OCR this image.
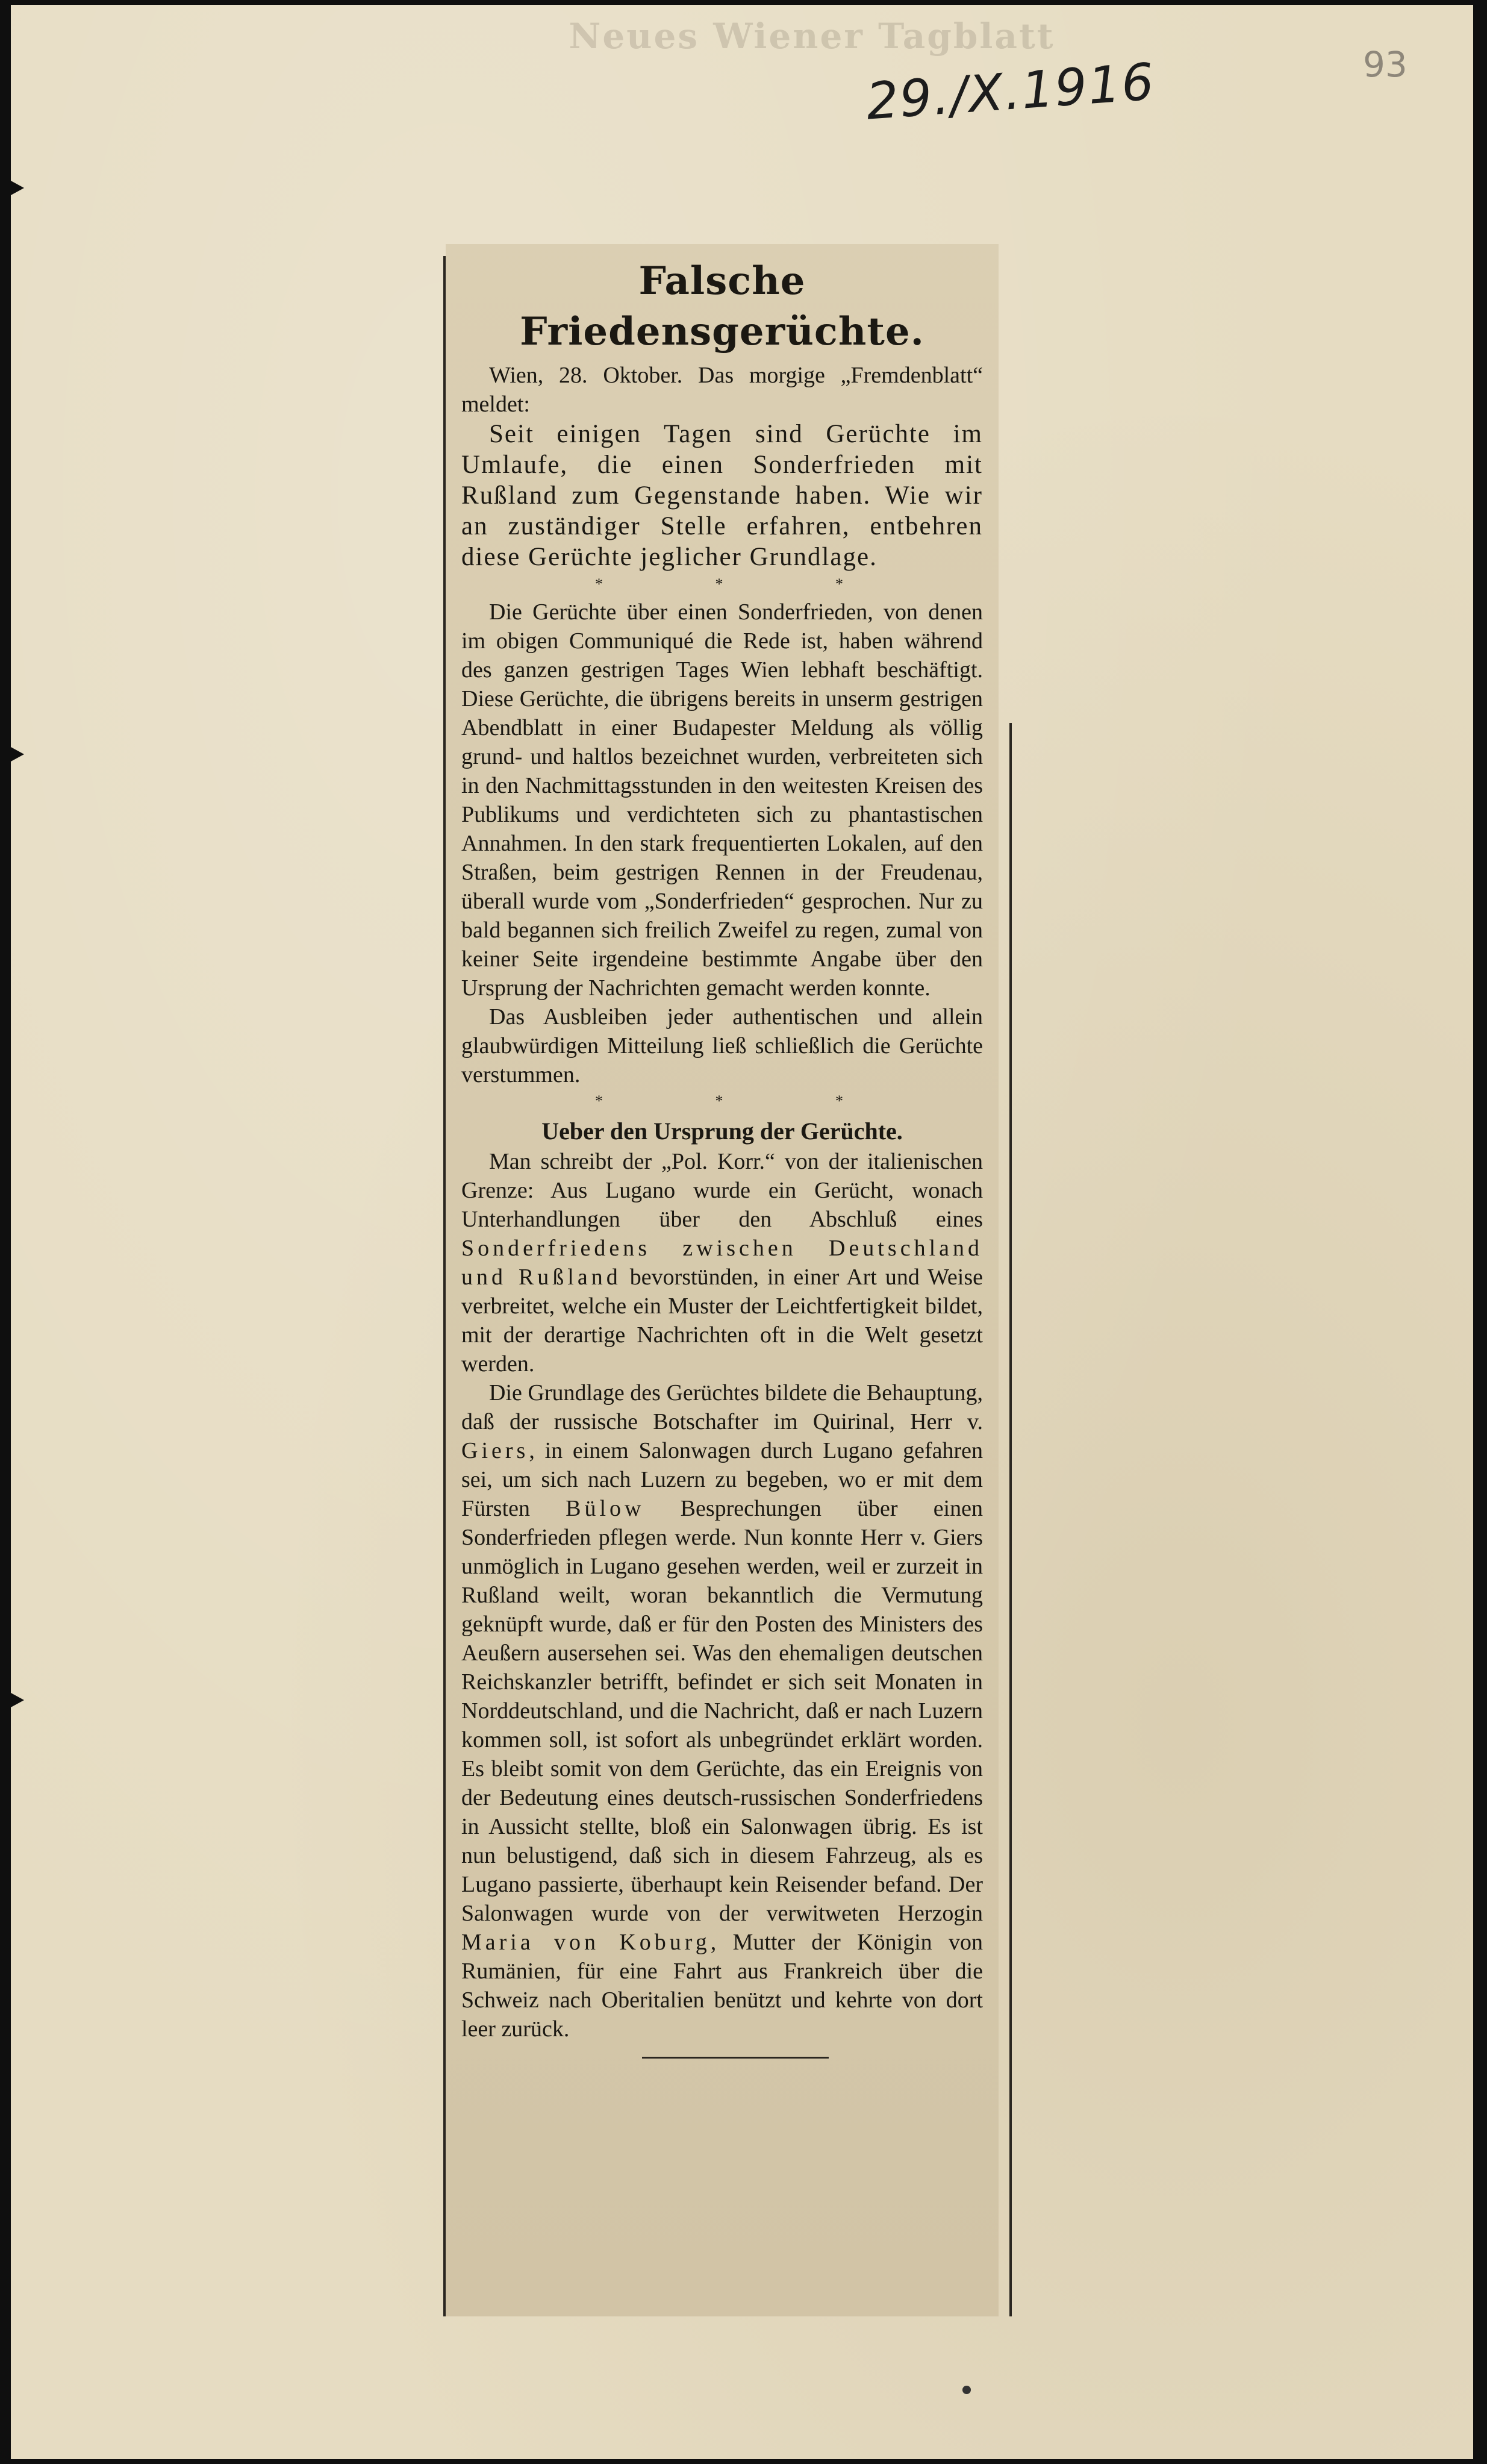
Neues Wiener Tagblatt
29./X.1916	93
Falsche Friedensgerüchte.

Wien, 28. Oktober. Das morgige „Fremdenblatt“ meldet:

Seit einigen Tagen sind Gerüchte im Umlaufe, die einen Sonderfrieden mit Rußland zum Gegenstande haben. Wie wir an zuständiger Stelle erfahren, entbehren diese Gerüchte jeglicher Grundlage.

* * *

Die Gerüchte über einen Sonderfrieden, von denen im obigen Communiqué die Rede ist, haben während des ganzen gestrigen Tages Wien lebhaft beschäftigt. Diese Gerüchte, die übrigens bereits in unserm gestrigen Abendblatt in einer Budapester Meldung als völlig grund- und haltlos bezeichnet wurden, verbreiteten sich in den Nachmittagsstunden in den weitesten Kreisen des Publikums und verdichteten sich zu phantastischen Annahmen. In den stark frequentierten Lokalen, auf den Straßen, beim gestrigen Rennen in der Freudenau, überall wurde vom „Sonderfrieden“ gesprochen. Nur zu bald begannen sich freilich Zweifel zu regen, zumal von keiner Seite irgendeine bestimmte Angabe über den Ursprung der Nachrichten gemacht werden konnte.

Das Ausbleiben jeder authentischen und allein glaubwürdigen Mitteilung ließ schließlich die Gerüchte verstummen.

* * *
Ueber den Ursprung der Gerüchte.

Man schreibt der „Pol. Korr.“ von der italienischen Grenze: Aus Lugano wurde ein Gerücht, wonach Unterhandlungen über den Abschluß eines Sonderfriedens zwischen Deutschland und Rußland bevorstünden, in einer Art und Weise verbreitet, welche ein Muster der Leichtfertigkeit bildet, mit der derartige Nachrichten oft in die Welt gesetzt werden.

Die Grundlage des Gerüchtes bildete die Behauptung, daß der russische Botschafter im Quirinal, Herr v. Giers, in einem Salonwagen durch Lugano gefahren sei, um sich nach Luzern zu begeben, wo er mit dem Fürsten Bülow Besprechungen über einen Sonderfrieden pflegen werde. Nun konnte Herr v. Giers unmöglich in Lugano gesehen werden, weil er zurzeit in Rußland weilt, woran bekanntlich die Vermutung geknüpft wurde, daß er für den Posten des Ministers des Aeußern ausersehen sei. Was den ehemaligen deutschen Reichskanzler betrifft, befindet er sich seit Monaten in Norddeutschland, und die Nachricht, daß er nach Luzern kommen soll, ist sofort als unbegründet erklärt worden. Es bleibt somit von dem Gerüchte, das ein Ereignis von der Bedeutung eines deutsch-russischen Sonderfriedens in Aussicht stellte, bloß ein Salonwagen übrig. Es ist nun belustigend, daß sich in diesem Fahrzeug, als es Lugano passierte, überhaupt kein Reisender befand. Der Salonwagen wurde von der verwitweten Herzogin Maria von Koburg, Mutter der Königin von Rumänien, für eine Fahrt aus Frankreich über die Schweiz nach Oberitalien benützt und kehrte von dort leer zurück.
